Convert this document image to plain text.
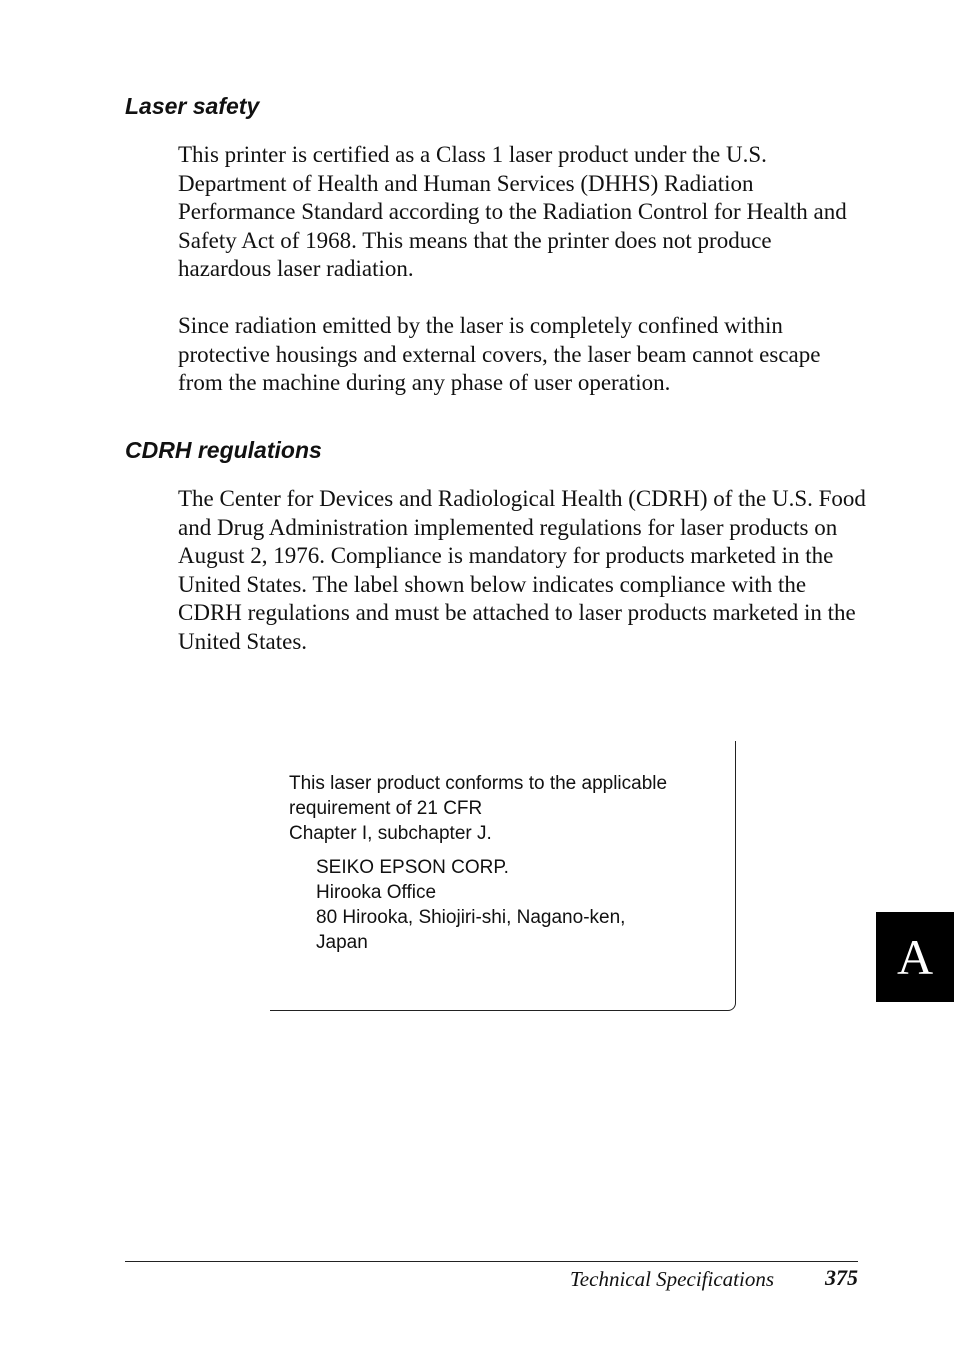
Laser safety

This printer is certified as a Class 1 laser product under the U.S. Department of Health and Human Services (DHHS) Radiation Performance Standard according to the Radiation Control for Health and Safety Act of 1968. This means that the printer does not produce hazardous laser radiation.

Since radiation emitted by the laser is completely confined within protective housings and external covers, the laser beam cannot escape from the machine during any phase of user operation.

CDRH regulations

The Center for Devices and Radiological Health (CDRH) of the U.S. Food and Drug Administration implemented regulations for laser products on August 2, 1976. Compliance is mandatory for products marketed in the United States. The label shown below indicates compliance with the CDRH regulations and must be attached to laser products marketed in the United States.

This laser product conforms to the applicable
requirement of 21 CFR
Chapter I, subchapter J.
SEIKO EPSON CORP.
Hirooka Office
80 Hirooka, Shiojiri-shi, Nagano-ken,
Japan	A
Technical Specifications 375
